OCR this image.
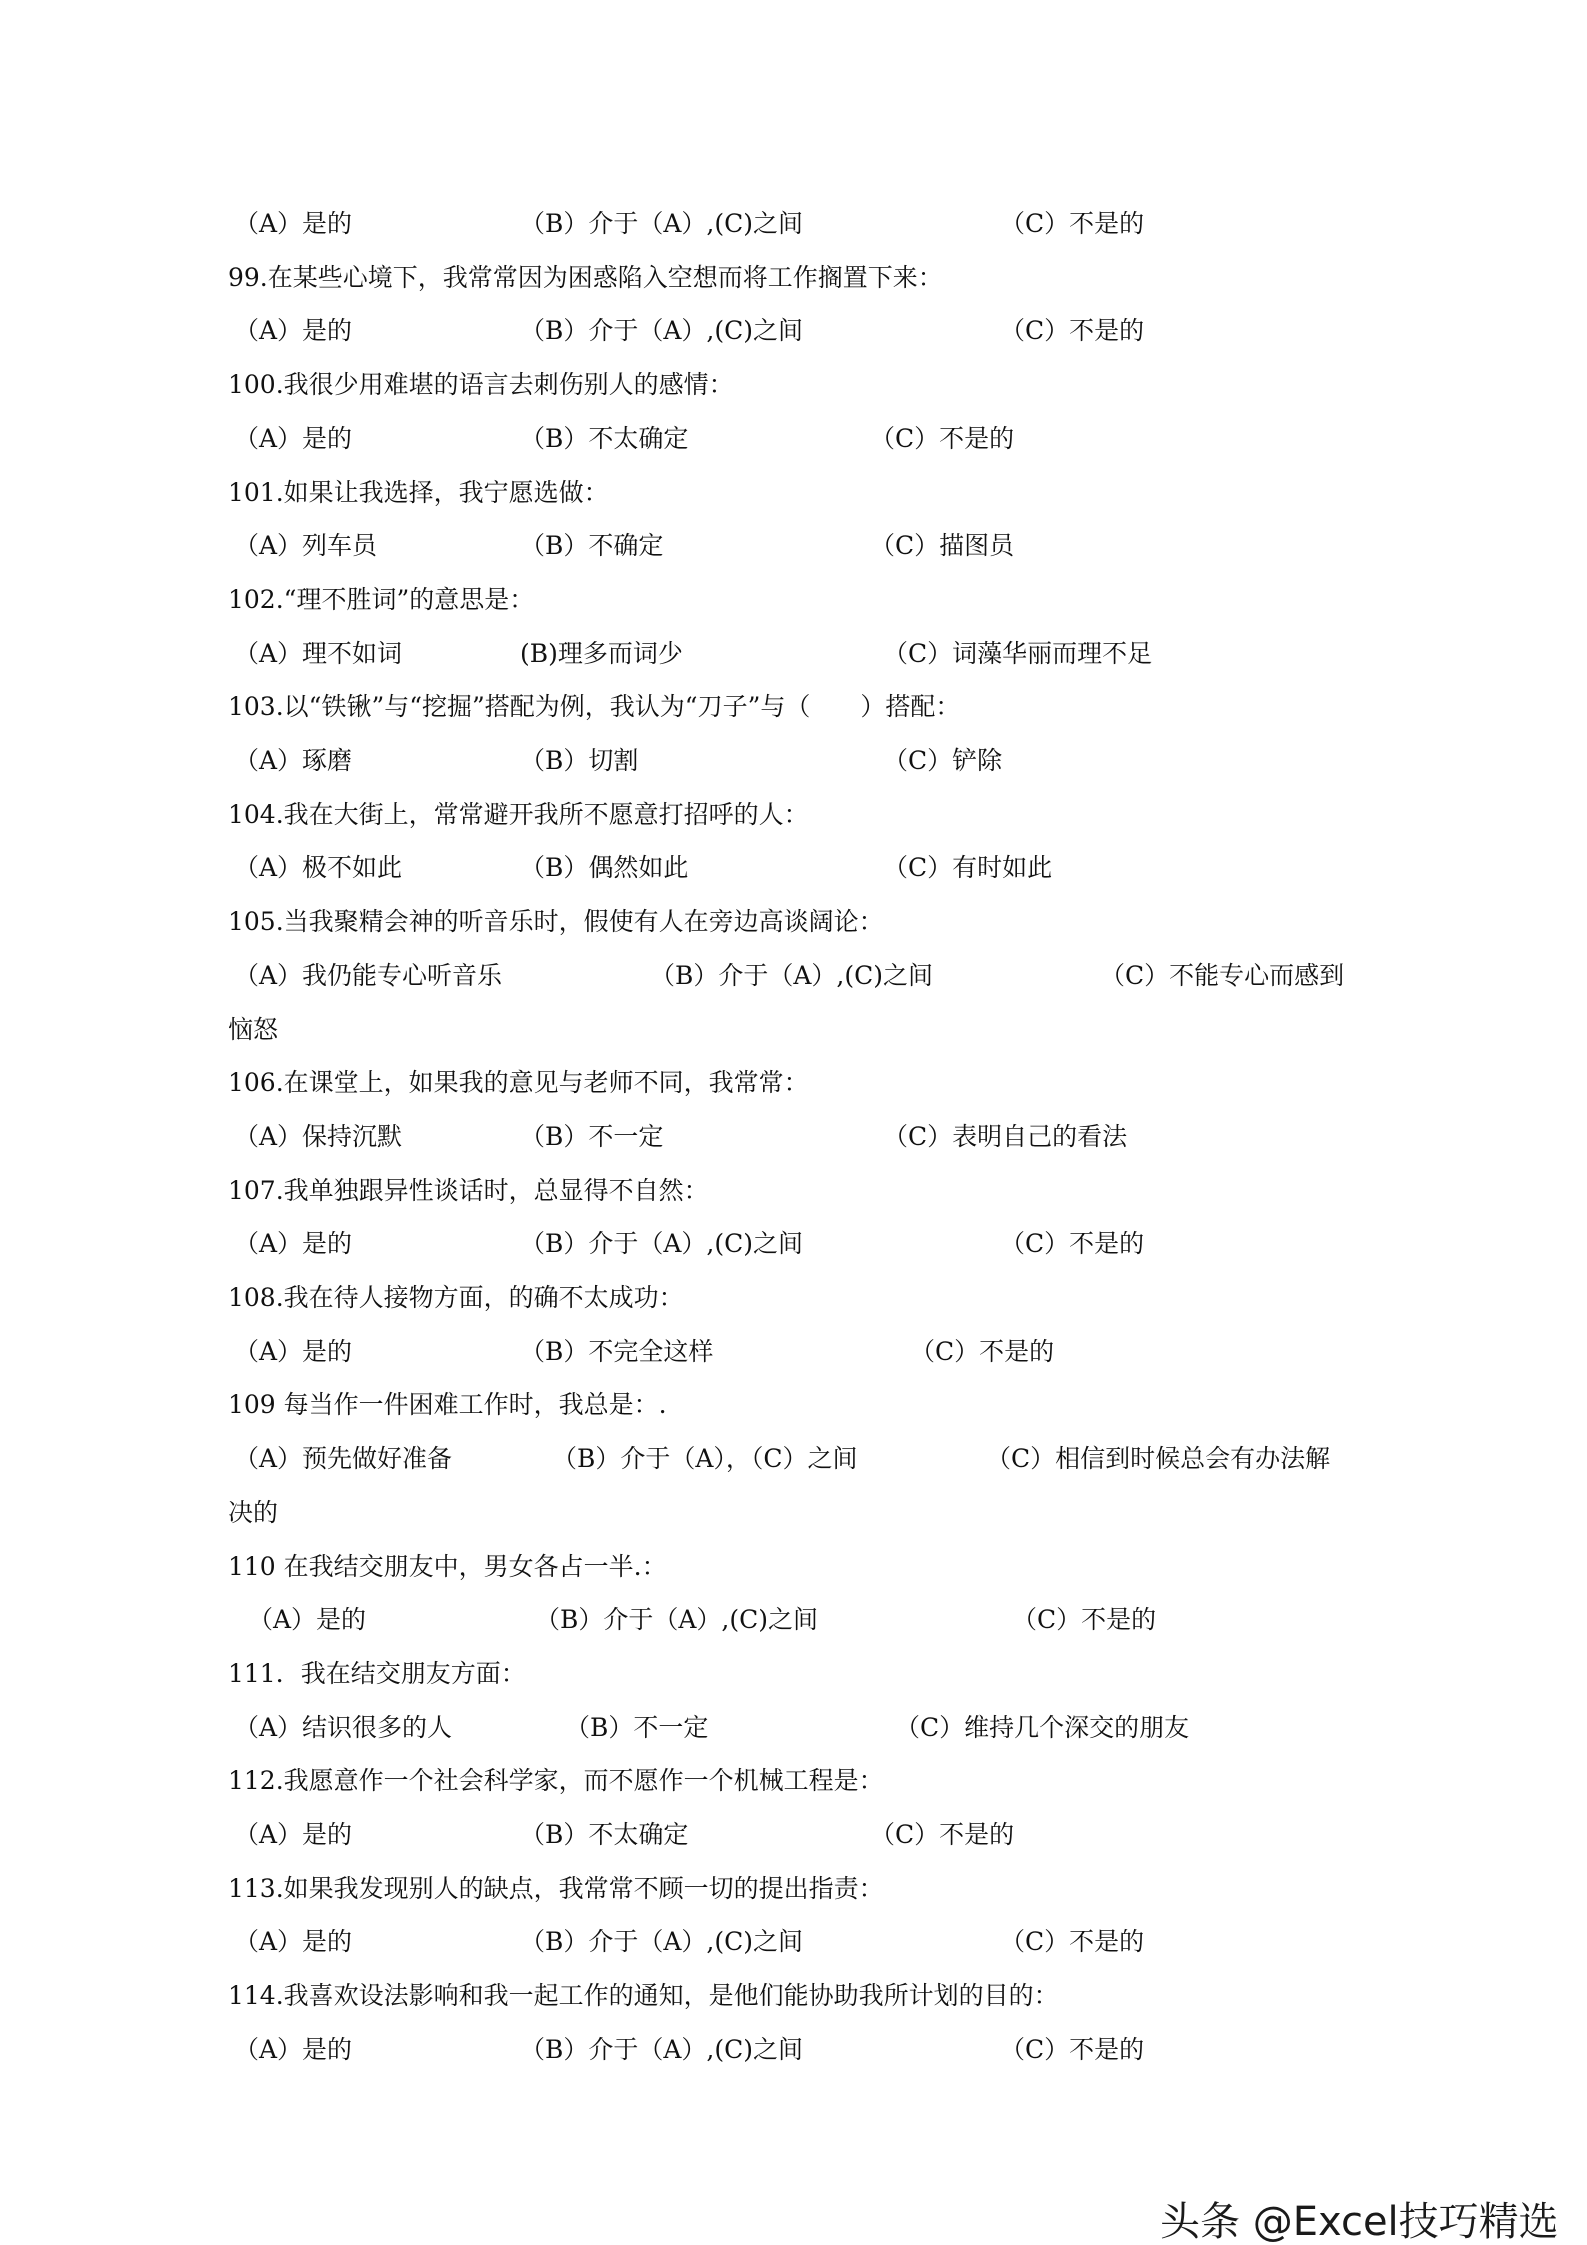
（A）是的	（B）介于（A）,(C)之间	（C）不是的
99.在某些心境下，我常常因为困惑陷入空想而将工作搁置下来：
（A）是的	（B）介于（A）,(C)之间	（C）不是的
100.我很少用难堪的语言去刺伤别人的感情：
（A）是的	（B）不太确定	（C）不是的
101.如果让我选择，我宁愿选做：
（A）列车员	（B）不确定	（C）描图员
102.“理不胜词”的意思是：
（A）理不如词	(B)理多而词少	（C）词藻华丽而理不足
103.以“铁锹”与“挖掘”搭配为例，我认为“刀子”与（　　）搭配：
（A）琢磨	（B）切割	（C）铲除
104.我在大街上，常常避开我所不愿意打招呼的人：
（A）极不如此	（B）偶然如此	（C）有时如此
105.当我聚精会神的听音乐时，假使有人在旁边高谈阔论：
（A）我仍能专心听音乐	（B）介于（A）,(C)之间	（C）不能专心而感到
恼怒
106.在课堂上，如果我的意见与老师不同，我常常：
（A）保持沉默	（B）不一定	（C）表明自己的看法
107.我单独跟异性谈话时，总显得不自然：
（A）是的	（B）介于（A）,(C)之间	（C）不是的
108.我在待人接物方面，的确不太成功：
（A）是的	（B）不完全这样	（C）不是的
109 每当作一件困难工作时，我总是：.
（A）预先做好准备	（B）介于（A），（C）之间	（C）相信到时候总会有办法解
决的
110 在我结交朋友中，男女各占一半.：
（A）是的	（B）介于（A）,(C)之间	（C）不是的
111．我在结交朋友方面：
（A）结识很多的人	（B）不一定	（C）维持几个深交的朋友
112.我愿意作一个社会科学家，而不愿作一个机械工程是：
（A）是的	（B）不太确定	（C）不是的
113.如果我发现别人的缺点，我常常不顾一切的提出指责：
（A）是的	（B）介于（A）,(C)之间	（C）不是的
114.我喜欢设法影响和我一起工作的通知，是他们能协助我所计划的目的：
（A）是的	（B）介于（A）,(C)之间	（C）不是的
头条 @Excel技巧精选
